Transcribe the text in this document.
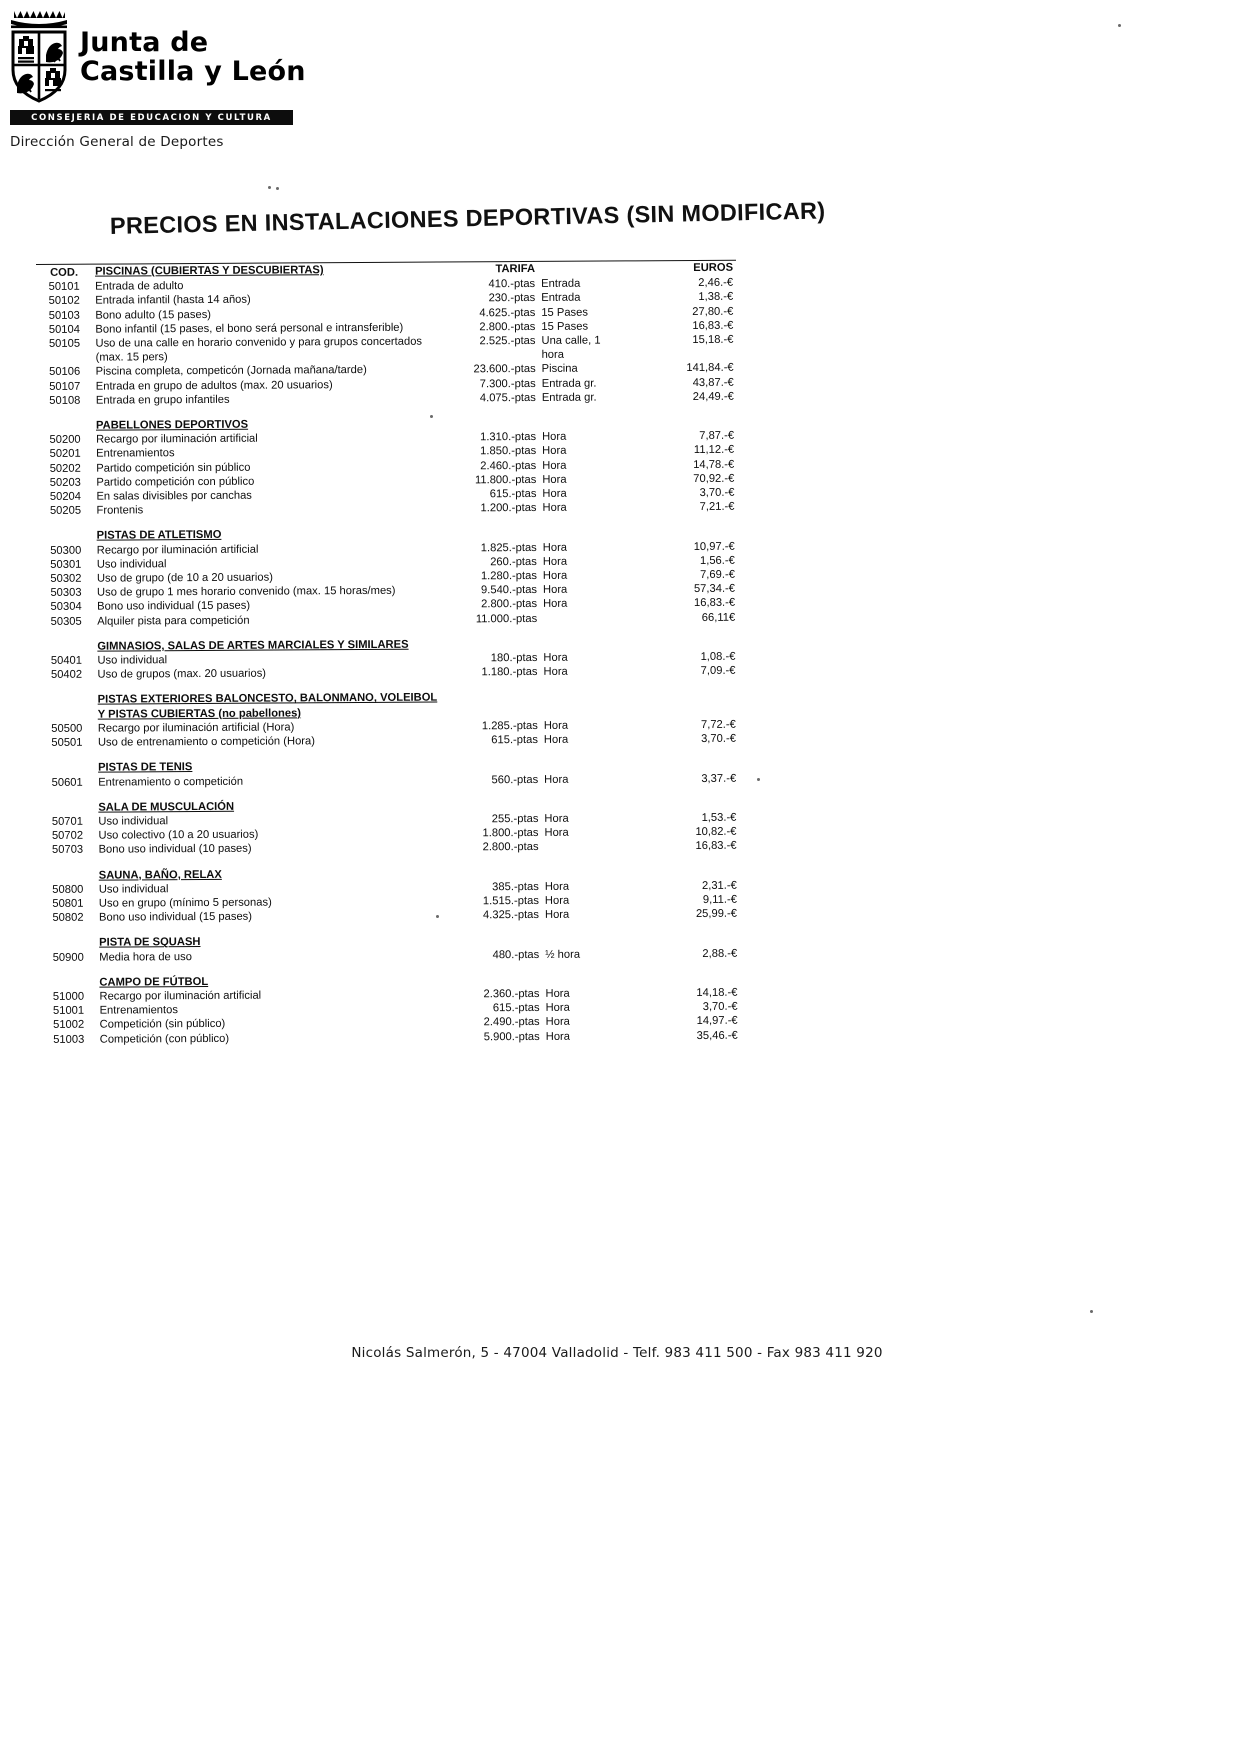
Junta de
Castilla y León
CONSEJERIA DE EDUCACION Y CULTURA
Dirección General de Deportes
PRECIOS EN INSTALACIONES DEPORTIVAS (SIN MODIFICAR)
COD.	PISCINAS (CUBIERTAS Y DESCUBIERTAS)	TARIFA		EUROS
50101	Entrada de adulto	410.-ptas	Entrada	2,46.-€
50102	Entrada infantil (hasta 14 años)	230.-ptas	Entrada	1,38.-€
50103	Bono adulto (15 pases)	4.625.-ptas	15 Pases	27,80.-€
50104	Bono infantil (15 pases, el bono será personal e intransferible)	2.800.-ptas	15 Pases	16,83.-€
50105	Uso de una calle en horario convenido y para grupos concertados (max. 15 pers)	2.525.-ptas	Una calle, 1 hora	15,18.-€
50106	Piscina completa, competicón (Jornada mañana/tarde)	23.600.-ptas	Piscina	141,84.-€
50107	Entrada en grupo de adultos (max. 20 usuarios)	7.300.-ptas	Entrada gr.	43,87.-€
50108	Entrada en grupo infantiles	4.075.-ptas	Entrada gr.	24,49.-€

	PABELLONES DEPORTIVOS			
50200	Recargo por iluminación artificial	1.310.-ptas	Hora	7,87.-€
50201	Entrenamientos	1.850.-ptas	Hora	11,12.-€
50202	Partido competición sin público	2.460.-ptas	Hora	14,78.-€
50203	Partido competición con público	11.800.-ptas	Hora	70,92.-€
50204	En salas divisibles por canchas	615.-ptas	Hora	3,70.-€
50205	Frontenis	1.200.-ptas	Hora	7,21.-€

	PISTAS DE ATLETISMO			
50300	Recargo por iluminación artificial	1.825.-ptas	Hora	10,97.-€
50301	Uso individual	260.-ptas	Hora	1,56.-€
50302	Uso de grupo (de 10 a 20 usuarios)	1.280.-ptas	Hora	7,69.-€
50303	Uso de grupo 1 mes horario convenido (max. 15 horas/mes)	9.540.-ptas	Hora	57,34.-€
50304	Bono uso individual (15 pases)	2.800.-ptas	Hora	16,83.-€
50305	Alquiler pista para competición	11.000.-ptas		66,11€

	GIMNASIOS, SALAS DE ARTES MARCIALES Y SIMILARES			
50401	Uso individual	180.-ptas	Hora	1,08.-€
50402	Uso de grupos (max. 20 usuarios)	1.180.-ptas	Hora	7,09.-€

	PISTAS EXTERIORES BALONCESTO, BALONMANO, VOLEIBOL Y PISTAS CUBIERTAS (no pabellones)			
50500	Recargo por iluminación artificial (Hora)	1.285.-ptas	Hora	7,72.-€
50501	Uso de entrenamiento o competición (Hora)	615.-ptas	Hora	3,70.-€

	PISTAS DE TENIS			
50601	Entrenamiento o competición	560.-ptas	Hora	3,37.-€

	SALA DE MUSCULACIÓN			
50701	Uso individual	255.-ptas	Hora	1,53.-€
50702	Uso colectivo (10 a 20 usuarios)	1.800.-ptas	Hora	10,82.-€
50703	Bono uso individual (10 pases)	2.800.-ptas		16,83.-€

	SAUNA, BAÑO, RELAX			
50800	Uso individual	385.-ptas	Hora	2,31.-€
50801	Uso en grupo (mínimo 5 personas)	1.515.-ptas	Hora	9,11.-€
50802	Bono uso individual (15 pases)	4.325.-ptas	Hora	25,99.-€

	PISTA DE SQUASH			
50900	Media hora de uso	480.-ptas	½ hora	2,88.-€

	CAMPO DE FÚTBOL			
51000	Recargo por iluminación artificial	2.360.-ptas	Hora	14,18.-€
51001	Entrenamientos	615.-ptas	Hora	3,70.-€
51002	Competición (sin público)	2.490.-ptas	Hora	14,97.-€
51003	Competición (con público)	5.900.-ptas	Hora	35,46.-€
Nicolás Salmerón, 5 - 47004 Valladolid - Telf. 983 411 500 - Fax 983 411 920
